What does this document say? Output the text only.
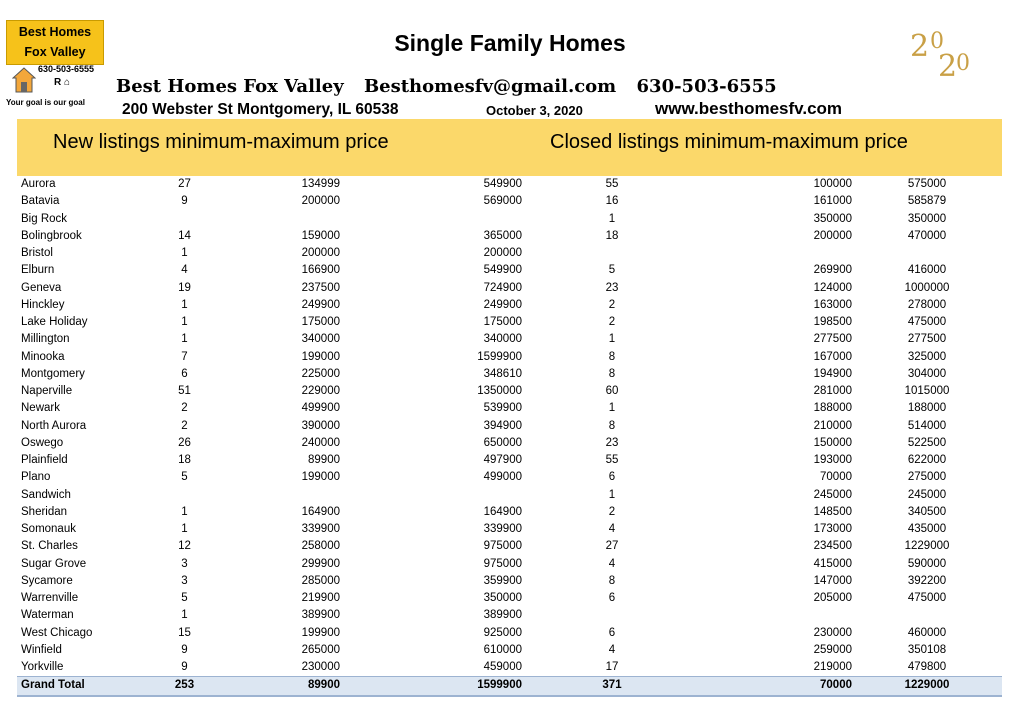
Best Homes
Fox Valley
630-503-6555
R ⌂
Your goal is our goal
Single Family Homes	2 0
2
0
Best Homes Fox Valley Besthomesfv@gmail.com 630-503-6555
200 Webster St Montgomery, IL 60538	October 3, 2020	www.besthomesfv.com
New listings minimum-maximum price	Closed listings minimum-maximum price
Aurora	27	134999	549900	55	100000	575000
Batavia	9	200000	569000	16	161000	585879
Big Rock				1	350000	350000
Bolingbrook	14	159000	365000	18	200000	470000
Bristol	1	200000	200000			
Elburn	4	166900	549900	5	269900	416000
Geneva	19	237500	724900	23	124000	1000000
Hinckley	1	249900	249900	2	163000	278000
Lake Holiday	1	175000	175000	2	198500	475000
Millington	1	340000	340000	1	277500	277500
Minooka	7	199000	1599900	8	167000	325000
Montgomery	6	225000	348610	8	194900	304000
Naperville	51	229000	1350000	60	281000	1015000
Newark	2	499900	539900	1	188000	188000
North Aurora	2	390000	394900	8	210000	514000
Oswego	26	240000	650000	23	150000	522500
Plainfield	18	89900	497900	55	193000	622000
Plano	5	199000	499000	6	70000	275000
Sandwich				1	245000	245000
Sheridan	1	164900	164900	2	148500	340500
Somonauk	1	339900	339900	4	173000	435000
St. Charles	12	258000	975000	27	234500	1229000
Sugar Grove	3	299900	975000	4	415000	590000
Sycamore	3	285000	359900	8	147000	392200
Warrenville	5	219900	350000	6	205000	475000
Waterman	1	389900	389900			
West Chicago	15	199900	925000	6	230000	460000
Winfield	9	265000	610000	4	259000	350108
Yorkville	9	230000	459000	17	219000	479800
Grand Total	253	89900	1599900	371	70000	1229000
